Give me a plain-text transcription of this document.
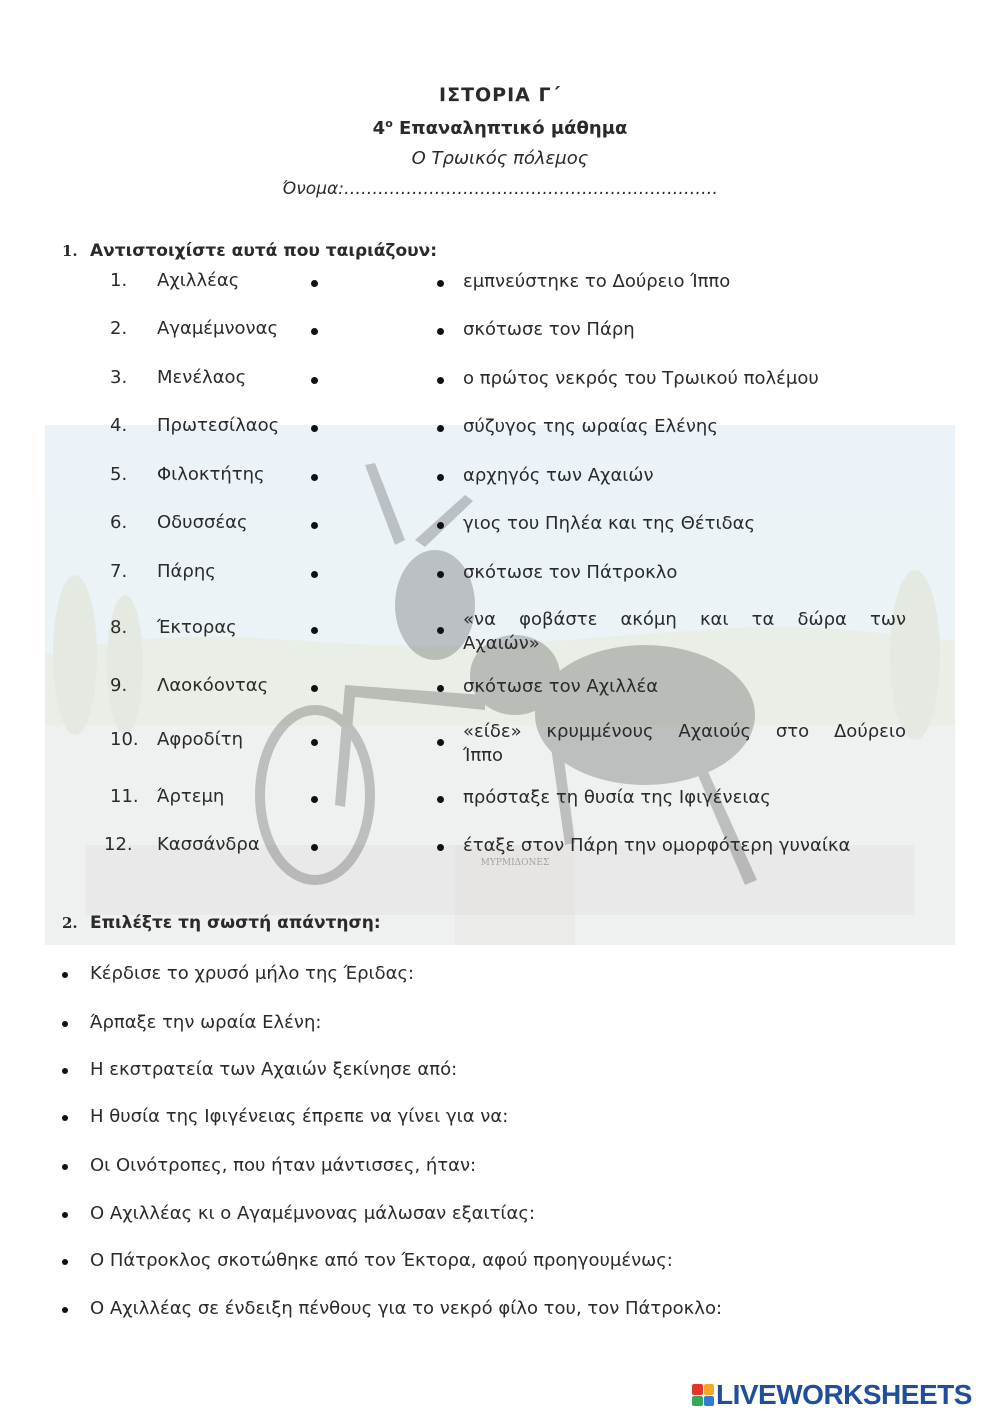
ΜΥΡΜΙΔΟΝΕΣ
ΙΣΤΟΡΙΑ Γ΄
$4^o$ Επαναληπτικό μάθημα
Ο Τρωικός πόλεμος
Όνομα:…………………………………………………………
1. Αντιστοιχίστε αυτά που ταιριάζουν:
1. Αχιλλέας	εμπνεύστηκε το Δούρειο Ίππο
2. Αγαμέμνονας	σκότωσε τον Πάρη
3. Μενέλαος	ο πρώτος νεκρός του Τρωικού πολέμου
4. Πρωτεσίλαος	σύζυγος της ωραίας Ελένης
5. Φιλοκτήτης	αρχηγός των Αχαιών
6. Οδυσσέας	γιος του Πηλέα και της Θέτιδας
7. Πάρης	σκότωσε τον Πάτροκλο
8. Έκτορας	«να φοβάστε ακόμη και τα δώρα των
Αχαιών»
9. Λαοκόοντας	σκότωσε τον Αχιλλέα
10. Αφροδίτη	«είδε» κρυμμένους Αχαιούς στο Δούρειο
Ίππο
11. Άρτεμη	πρόσταξε τη θυσία της Ιφιγένειας
12. Κασσάνδρα	έταξε στον Πάρη την ομορφότερη γυναίκα
2. Επιλέξτε τη σωστή απάντηση:
Κέρδισε το χρυσό μήλο της Έριδας:
Άρπαξε την ωραία Ελένη:
Η εκστρατεία των Αχαιών ξεκίνησε από:
Η θυσία της Ιφιγένειας έπρεπε να γίνει για να:
Οι Οινότροπες, που ήταν μάντισσες, ήταν:
Ο Αχιλλέας κι ο Αγαμέμνονας μάλωσαν εξαιτίας:
Ο Πάτροκλος σκοτώθηκε από τον Έκτορα, αφού προηγουμένως:
Ο Αχιλλέας σε ένδειξη πένθους για το νεκρό φίλο του, τον Πάτροκλο:
LIVEWORKSHEETS
